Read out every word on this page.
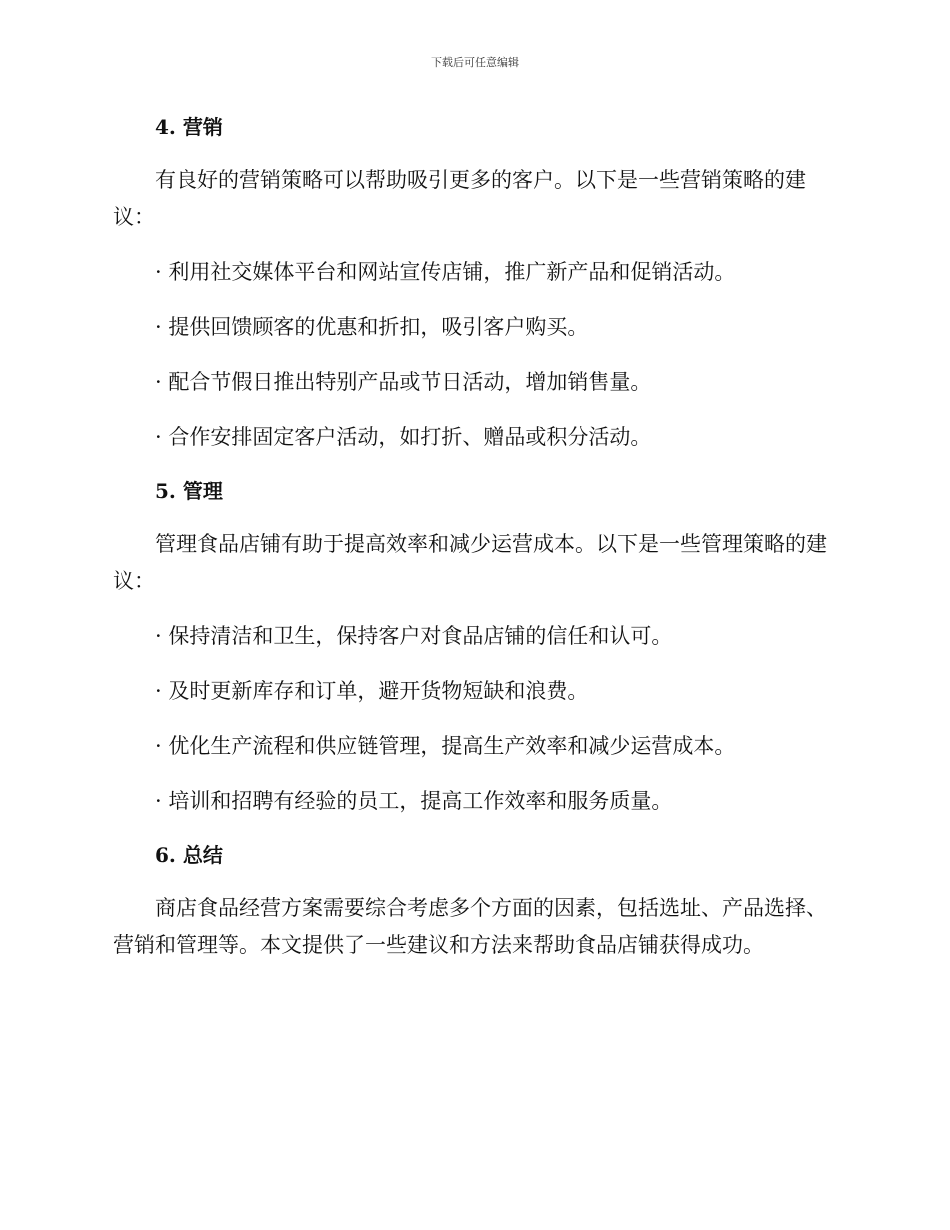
下载后可任意编辑
4. 营销

有良好的营销策略可以帮助吸引更多的客户。以下是一些营销策略的建议：

· 利用社交媒体平台和网站宣传店铺，推广新产品和促销活动。
· 提供回馈顾客的优惠和折扣，吸引客户购买。
· 配合节假日推出特别产品或节日活动，增加销售量。
· 合作安排固定客户活动，如打折、赠品或积分活动。
5. 管理

管理食品店铺有助于提高效率和减少运营成本。以下是一些管理策略的建议：

· 保持清洁和卫生，保持客户对食品店铺的信任和认可。
· 及时更新库存和订单，避开货物短缺和浪费。
· 优化生产流程和供应链管理，提高生产效率和减少运营成本。
· 培训和招聘有经验的员工，提高工作效率和服务质量。
6. 总结

商店食品经营方案需要综合考虑多个方面的因素，包括选址、产品选择、营销和管理等。本文提供了一些建议和方法来帮助食品店铺获得成功。
